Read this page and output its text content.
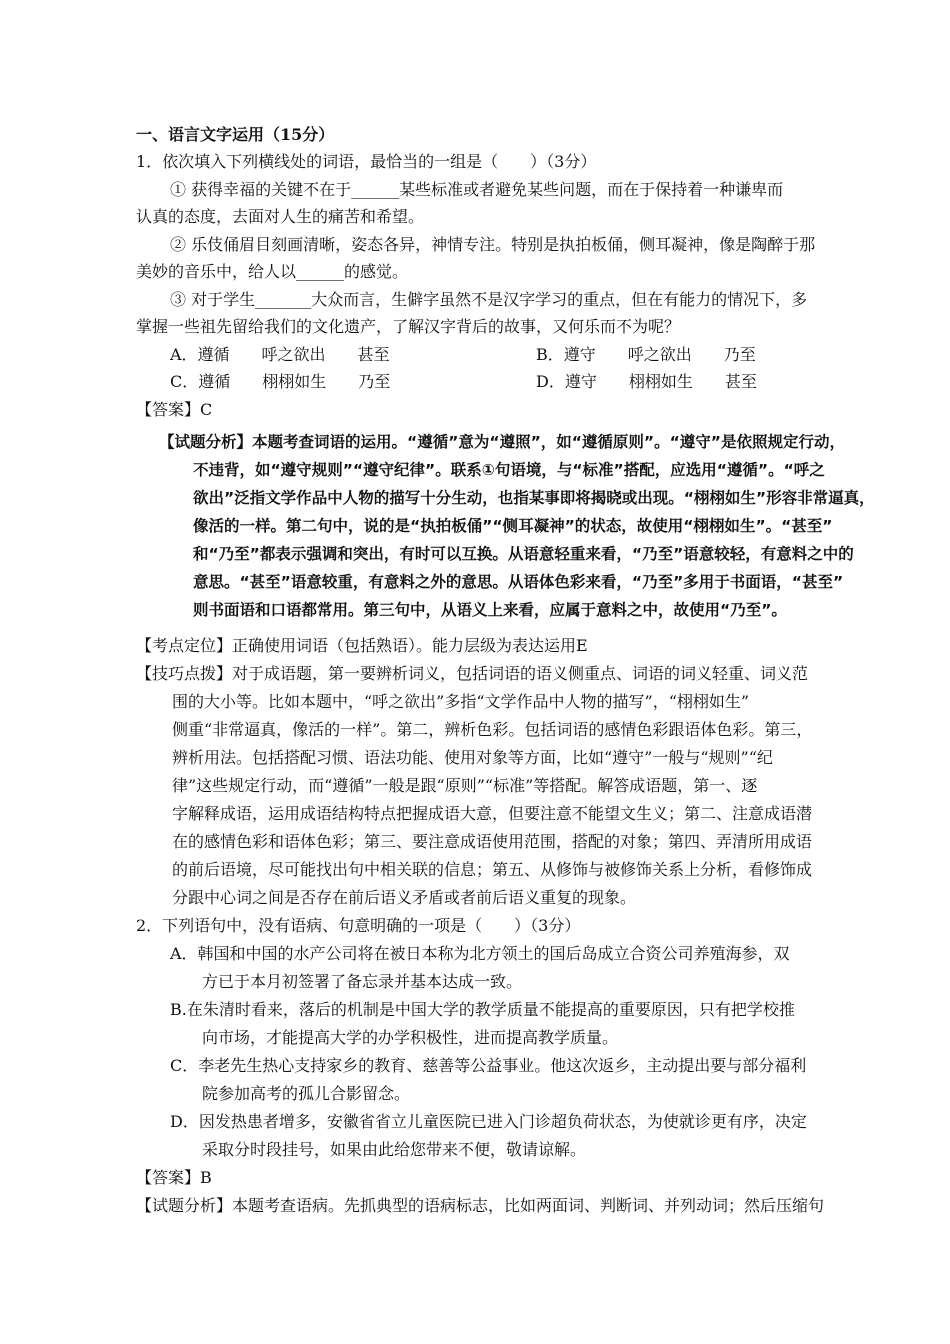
一、语言文字运用（15分）
1．依次填入下列横线处的词语，最恰当的一组是（　　）（3分）
① 获得幸福的关键不在于______某些标准或者避免某些问题，而在于保持着一种谦卑而
认真的态度，去面对人生的痛苦和希望。
② 乐伎俑眉目刻画清晰，姿态各异，神情专注。特别是执拍板俑，侧耳凝神，像是陶醉于那
美妙的音乐中，给人以______的感觉。
③ 对于学生_______大众而言，生僻字虽然不是汉字学习的重点，但在有能力的情况下，多
掌握一些祖先留给我们的文化遗产，了解汉字背后的故事，又何乐而不为呢？
A．遵循　　呼之欲出　　甚至	B．遵守　　呼之欲出　　乃至
C．遵循　　栩栩如生　　乃至	D．遵守　　栩栩如生　　甚至
【答案】C
【试题分析】本题考查词语的运用。“遵循”意为“遵照”，如“遵循原则”。“遵守”是依照规定行动，
不违背，如“遵守规则”“遵守纪律”。联系①句语境，与“标准”搭配，应选用“遵循”。“呼之
欲出”泛指文学作品中人物的描写十分生动，也指某事即将揭晓或出现。“栩栩如生”形容非常逼真，
像活的一样。第二句中，说的是“执拍板俑”“侧耳凝神”的状态，故使用“栩栩如生”。“甚至”
和“乃至”都表示强调和突出，有时可以互换。从语意轻重来看，“乃至”语意较轻，有意料之中的
意思。“甚至”语意较重，有意料之外的意思。从语体色彩来看，“乃至”多用于书面语，“甚至”
则书面语和口语都常用。第三句中，从语义上来看，应属于意料之中，故使用“乃至”。
【考点定位】正确使用词语（包括熟语）。能力层级为表达运用E
【技巧点拨】对于成语题，第一要辨析词义，包括词语的语义侧重点、词语的词义轻重、词义范
围的大小等。比如本题中，“呼之欲出”多指“文学作品中人物的描写”，“栩栩如生”
侧重“非常逼真，像活的一样”。第二，辨析色彩。包括词语的感情色彩跟语体色彩。第三，
辨析用法。包括搭配习惯、语法功能、使用对象等方面，比如“遵守”一般与“规则”“纪
律”这些规定行动，而“遵循”一般是跟“原则”“标准”等搭配。解答成语题，第一、逐
字解释成语，运用成语结构特点把握成语大意，但要注意不能望文生义；第二、注意成语潜
在的感情色彩和语体色彩；第三、要注意成语使用范围，搭配的对象；第四、弄清所用成语
的前后语境，尽可能找出句中相关联的信息；第五、从修饰与被修饰关系上分析，看修饰成
分跟中心词之间是否存在前后语义矛盾或者前后语义重复的现象。
2．下列语句中，没有语病、句意明确的一项是（　　）（3分）
A．韩国和中国的水产公司将在被日本称为北方领土的国后岛成立合资公司养殖海参，双
方已于本月初签署了备忘录并基本达成一致。
B.在朱清时看来，落后的机制是中国大学的教学质量不能提高的重要原因，只有把学校推
向市场，才能提高大学的办学积极性，进而提高教学质量。
C．李老先生热心支持家乡的教育、慈善等公益事业。他这次返乡，主动提出要与部分福利
院参加高考的孤儿合影留念。
D．因发热患者增多，安徽省省立儿童医院已进入门诊超负荷状态，为使就诊更有序，决定
采取分时段挂号，如果由此给您带来不便，敬请谅解。
【答案】B
【试题分析】本题考查语病。先抓典型的语病标志，比如两面词、判断词、并列动词；然后压缩句
